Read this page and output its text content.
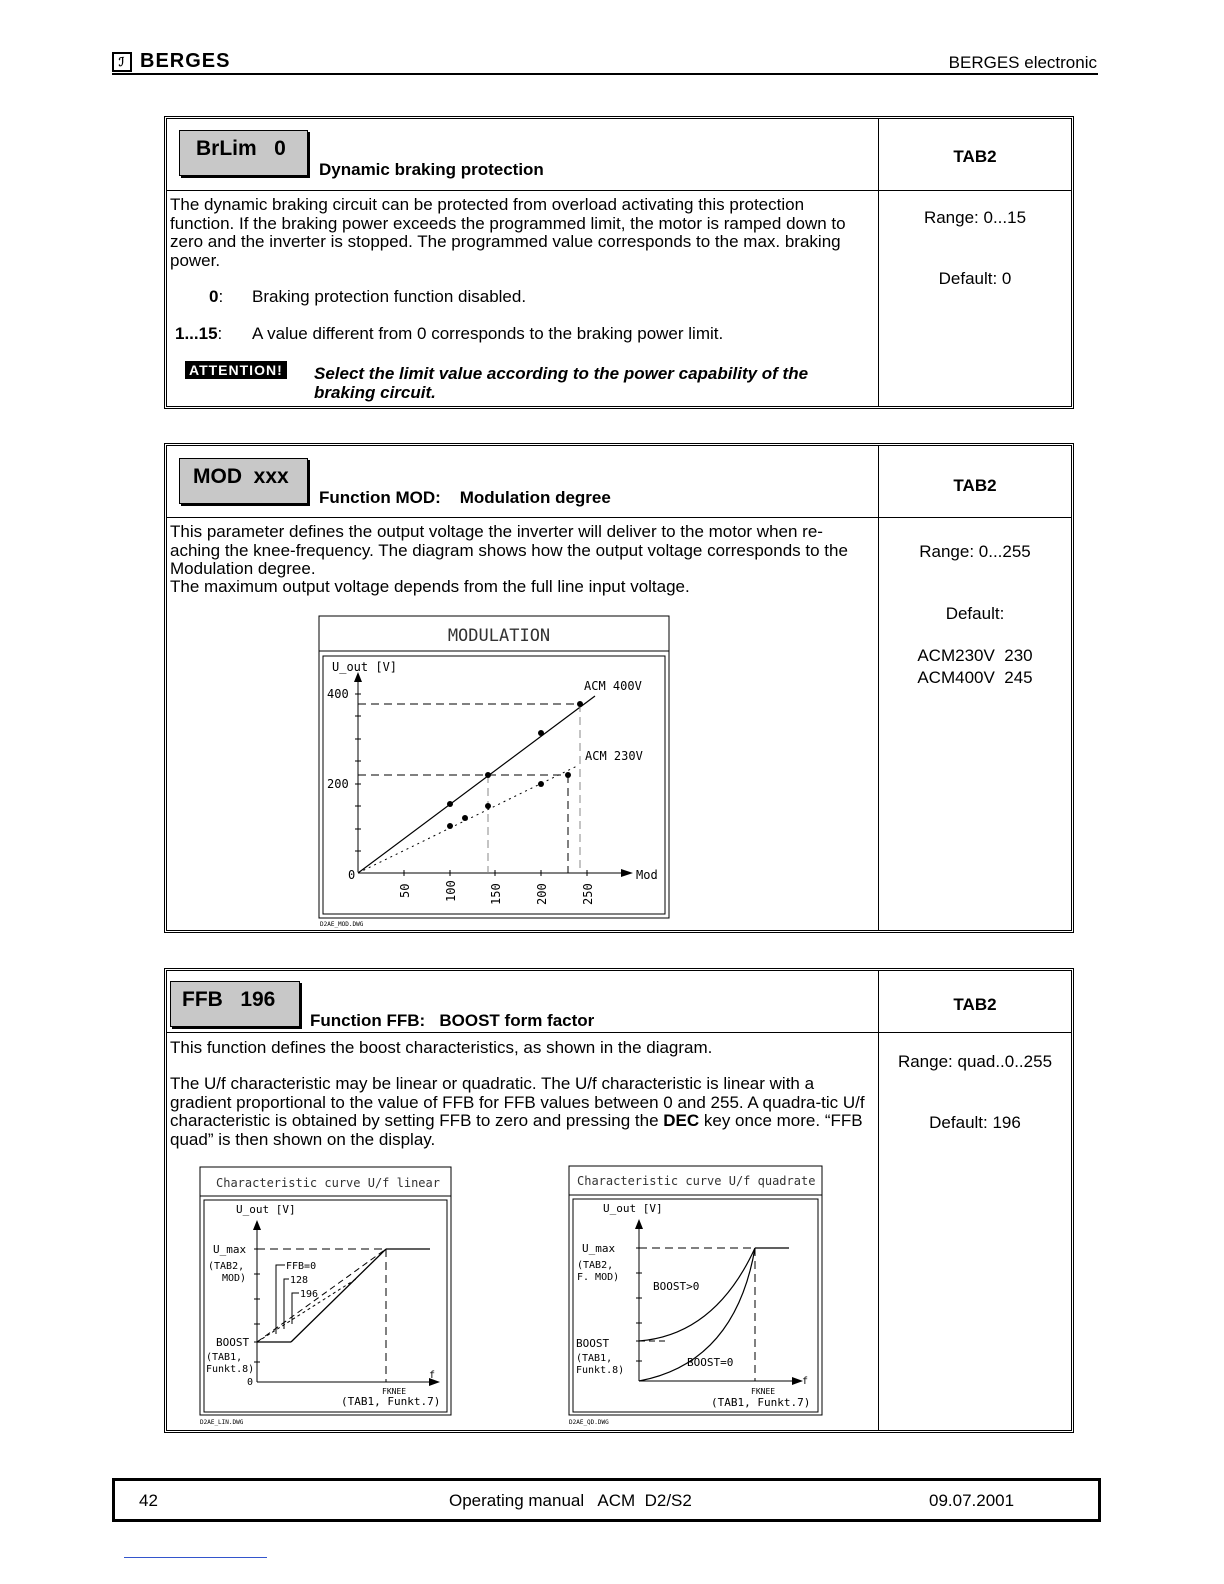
ℐ BERGES	BERGES electronic
BrLim   0
Dynamic braking protection
TAB2
Range: 0...15
Default: 0
The dynamic braking circuit can be protected from overload activating this protection function. If the braking power exceeds the programmed limit, the motor is ramped down to zero and the inverter is stopped. The programmed value corresponds to the max. braking power.
0: Braking protection function disabled.
1...15: A value different from 0 corresponds to the braking power limit.
ATTENTION! Select the limit value according to the power capability of the braking circuit.
MOD  xxx
Function MOD:    Modulation degree
TAB2
Range: 0...255
Default:
ACM230V  230
ACM400V  245
This parameter defines the output voltage the inverter will deliver to the motor when re-aching the knee-frequency. The diagram shows how the output voltage corresponds to the Modulation degree.
The maximum output voltage depends from the full line input voltage.
MODULATION
U_out [V]
Mod
400
200
0
50	100	150	200	250
ACM 400V
ACM 230V
D2AE_MOD.DWG
FFB   196
Function FFB:   BOOST form factor
TAB2
Range: quad..0..255
Default: 196
This function defines the boost characteristics, as shown in the diagram.
The U/f characteristic may be linear or quadratic. The U/f characteristic is linear with a gradient proportional to the value of FFB for FFB values between 0 and 255. A quadra-tic U/f characteristic is obtained by setting FFB to zero and pressing the DEC key once more. “FFB quad” is then shown on the display.
Characteristic curve U/f linear
U_out [V]
U_max
(TAB2,
MOD)
FFB=0
128
196
BOOST
(TAB1,
Funkt.8)
0
f
FKNEE
(TAB1, Funkt.7)
D2AE_LIN.DWG
Characteristic curve U/f quadrate
U_out [V]
U_max
(TAB2,
F. MOD)
BOOST>0
BOOST=0
BOOST
(TAB1,
Funkt.8)
f
FKNEE
(TAB1, Funkt.7)
D2AE_QD.DWG
42	Operating manual   ACM  D2/S2	09.07.2001
